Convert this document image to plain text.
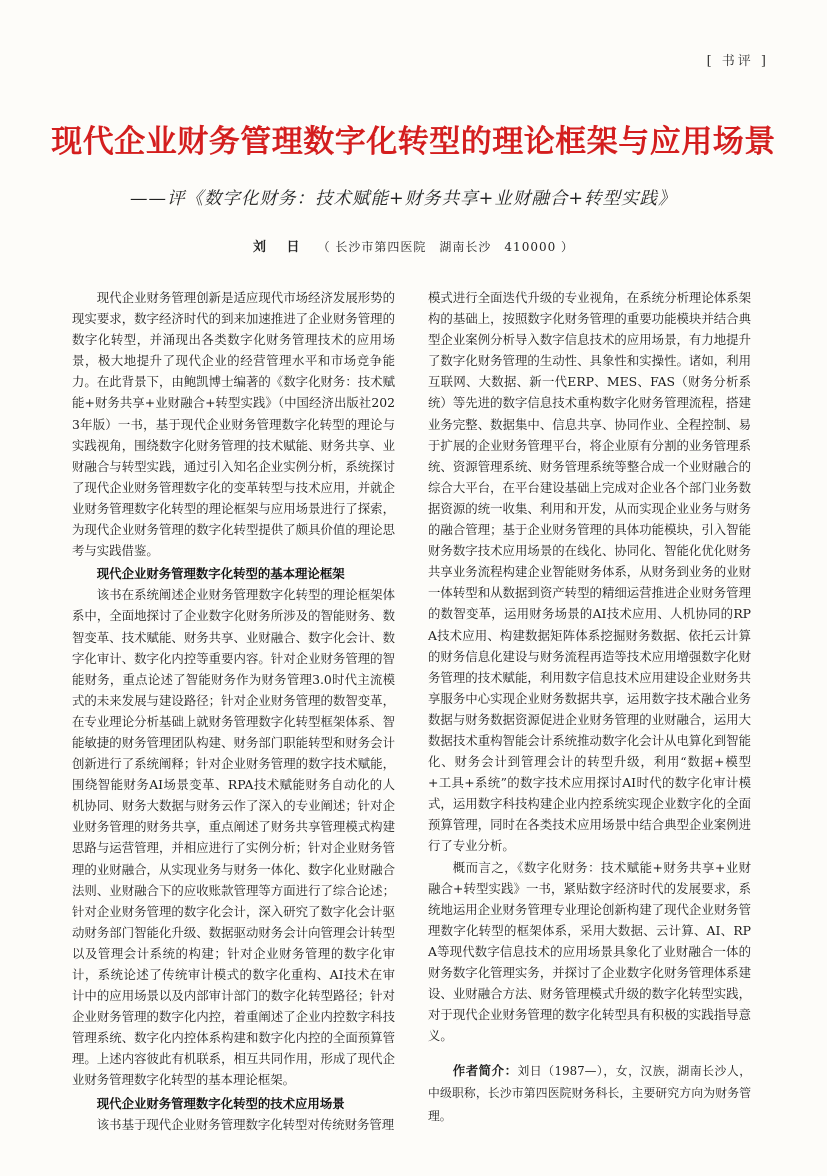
[ 书评 ]
现代企业财务管理数字化转型的理论框架与应用场景
——评《数字化财务：技术赋能+财务共享+业财融合+转型实践》
刘 日 （ 长沙市第四医院　湖南长沙　410000 ）

现代企业财务管理创新是适应现代市场经济发展形势的现实要求，数字经济时代的到来加速推进了企业财务管理的数字化转型，并涌现出各类数字化财务管理技术的应用场景，极大地提升了现代企业的经营管理水平和市场竞争能力。在此背景下，由鲍凯博士编著的《数字化财务：技术赋能+财务共享+业财融合+转型实践》（中国经济出版社2023年版）一书，基于现代企业财务管理数字化转型的理论与实践视角，围绕数字化财务管理的技术赋能、财务共享、业财融合与转型实践，通过引入知名企业实例分析，系统探讨了现代企业财务管理数字化的变革转型与技术应用，并就企业财务管理数字化转型的理论框架与应用场景进行了探索，为现代企业财务管理的数字化转型提供了颇具价值的理论思考与实践借鉴。

现代企业财务管理数字化转型的基本理论框架

该书在系统阐述企业财务管理数字化转型的理论框架体系中，全面地探讨了企业数字化财务所涉及的智能财务、数智变革、技术赋能、财务共享、业财融合、数字化会计、数字化审计、数字化内控等重要内容。针对企业财务管理的智能财务，重点论述了智能财务作为财务管理3.0时代主流模式的未来发展与建设路径；针对企业财务管理的数智变革，在专业理论分析基础上就财务管理数字化转型框架体系、智能敏捷的财务管理团队构建、财务部门职能转型和财务会计创新进行了系统阐释；针对企业财务管理的数字技术赋能，围绕智能财务AI场景变革、RPA技术赋能财务自动化的人机协同、财务大数据与财务云作了深入的专业阐述；针对企业财务管理的财务共享，重点阐述了财务共享管理模式构建思路与运营管理，并相应进行了实例分析；针对企业财务管理的业财融合，从实现业务与财务一体化、数字化业财融合法则、业财融合下的应收账款管理等方面进行了综合论述；针对企业财务管理的数字化会计，深入研究了数字化会计驱动财务部门智能化升级、数据驱动财务会计向管理会计转型以及管理会计系统的构建；针对企业财务管理的数字化审计，系统论述了传统审计模式的数字化重构、AI技术在审计中的应用场景以及内部审计部门的数字化转型路径；针对企业财务管理的数字化内控，着重阐述了企业内控数字科技管理系统、数字化内控体系构建和数字化内控的全面预算管理。上述内容彼此有机联系，相互共同作用，形成了现代企业财务管理数字化转型的基本理论框架。

现代企业财务管理数字化转型的技术应用场景

该书基于现代企业财务管理数字化转型对传统财务管理

模式进行全面迭代升级的专业视角，在系统分析理论体系架构的基础上，按照数字化财务管理的重要功能模块并结合典型企业案例分析导入数字信息技术的应用场景，有力地提升了数字化财务管理的生动性、具象性和实操性。诸如，利用互联网、大数据、新一代ERP、MES、FAS（财务分析系统）等先进的数字信息技术重构数字化财务管理流程，搭建业务完整、数据集中、信息共享、协同作业、全程控制、易于扩展的企业财务管理平台，将企业原有分割的业务管理系统、资源管理系统、财务管理系统等整合成一个业财融合的综合大平台，在平台建设基础上完成对企业各个部门业务数据资源的统一收集、利用和开发，从而实现企业业务与财务的融合管理；基于企业财务管理的具体功能模块，引入智能财务数字技术应用场景的在线化、协同化、智能化优化财务共享业务流程构建企业智能财务体系，从财务到业务的业财一体转型和从数据到资产转型的精细运营推进企业财务管理的数智变革，运用财务场景的AI技术应用、人机协同的RPA技术应用、构建数据矩阵体系挖掘财务数据、依托云计算的财务信息化建设与财务流程再造等技术应用增强数字化财务管理的技术赋能，利用数字信息技术应用建设企业财务共享服务中心实现企业财务数据共享，运用数字技术融合业务数据与财务数据资源促进企业财务管理的业财融合，运用大数据技术重构智能会计系统推动数字化会计从电算化到智能化、财务会计到管理会计的转型升级，利用“数据+模型+工具+系统”的数字技术应用探讨AI时代的数字化审计模式，运用数字科技构建企业内控系统实现企业数字化的全面预算管理，同时在各类技术应用场景中结合典型企业案例进行了专业分析。

概而言之，《数字化财务：技术赋能+财务共享+业财融合+转型实践》一书，紧贴数字经济时代的发展要求，系统地运用企业财务管理专业理论创新构建了现代企业财务管理数字化转型的框架体系，采用大数据、云计算、AI、RPA等现代数字信息技术的应用场景具象化了业财融合一体的财务数字化管理实务，并探讨了企业数字化财务管理体系建设、业财融合方法、财务管理模式升级的数字化转型实践，对于现代企业财务管理的数字化转型具有积极的实践指导意义。

作者简介：刘日（1987—），女，汉族，湖南长沙人，中级职称，长沙市第四医院财务科长，主要研究方向为财务管理。
